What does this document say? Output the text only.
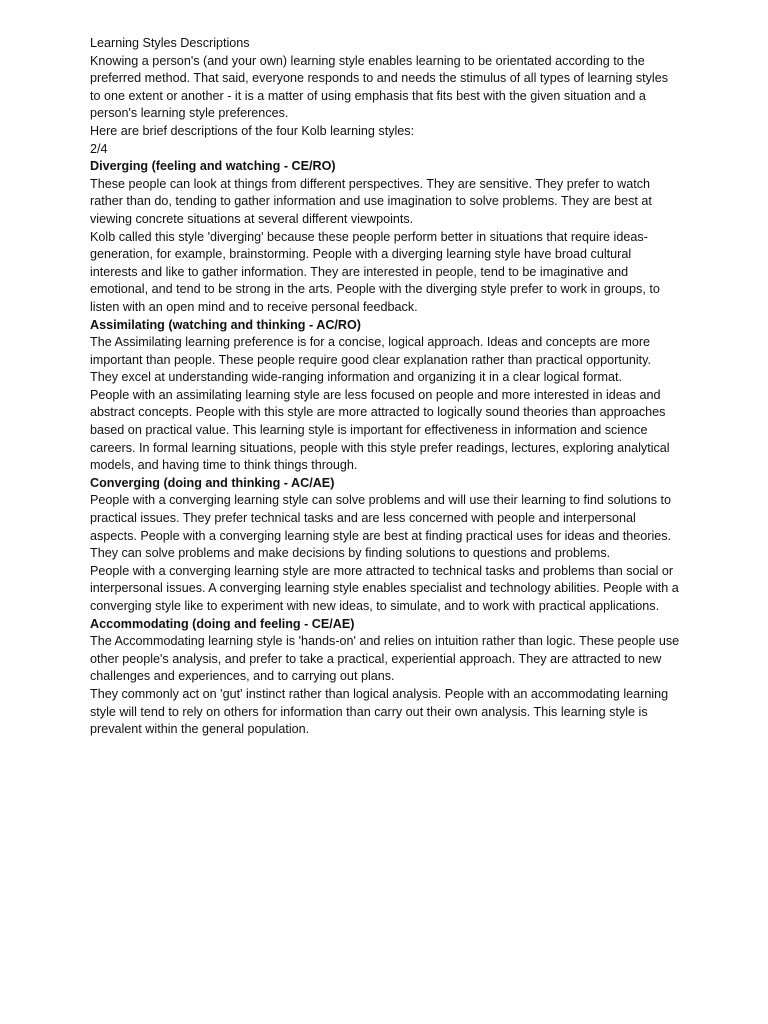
Learning Styles Descriptions

Knowing a person's (and your own) learning style enables learning to be orientated according to the preferred method. That said, everyone responds to and needs the stimulus of all types of learning styles to one extent or another - it is a matter of using emphasis that fits best with the given situation and a person's learning style preferences.

Here are brief descriptions of the four Kolb learning styles:

2/4

Diverging (feeling and watching - CE/RO)

These people can look at things from different perspectives. They are sensitive. They prefer to watch rather than do, tending to gather information and use imagination to solve problems. They are best at viewing concrete situations at several different viewpoints.

Kolb called this style 'diverging' because these people perform better in situations that require ideas-generation, for example, brainstorming. People with a diverging learning style have broad cultural interests and like to gather information. They are interested in people, tend to be imaginative and emotional, and tend to be strong in the arts. People with the diverging style prefer to work in groups, to listen with an open mind and to receive personal feedback.

Assimilating (watching and thinking - AC/RO)

The Assimilating learning preference is for a concise, logical approach. Ideas and concepts are more important than people. These people require good clear explanation rather than practical opportunity. They excel at understanding wide-ranging information and organizing it in a clear logical format.

People with an assimilating learning style are less focused on people and more interested in ideas and abstract concepts. People with this style are more attracted to logically sound theories than approaches based on practical value. This learning style is important for effectiveness in information and science careers. In formal learning situations, people with this style prefer readings, lectures, exploring analytical models, and having time to think things through.

Converging (doing and thinking - AC/AE)

People with a converging learning style can solve problems and will use their learning to find solutions to practical issues. They prefer technical tasks and are less concerned with people and interpersonal aspects. People with a converging learning style are best at finding practical uses for ideas and theories. They can solve problems and make decisions by finding solutions to questions and problems.

People with a converging learning style are more attracted to technical tasks and problems than social or interpersonal issues. A converging learning style enables specialist and technology abilities. People with a converging style like to experiment with new ideas, to simulate, and to work with practical applications.

Accommodating (doing and feeling - CE/AE)

The Accommodating learning style is 'hands-on' and relies on intuition rather than logic. These people use other people's analysis, and prefer to take a practical, experiential approach. They are attracted to new challenges and experiences, and to carrying out plans.

They commonly act on 'gut' instinct rather than logical analysis. People with an accommodating learning style will tend to rely on others for information than carry out their own analysis. This learning style is prevalent within the general population.
